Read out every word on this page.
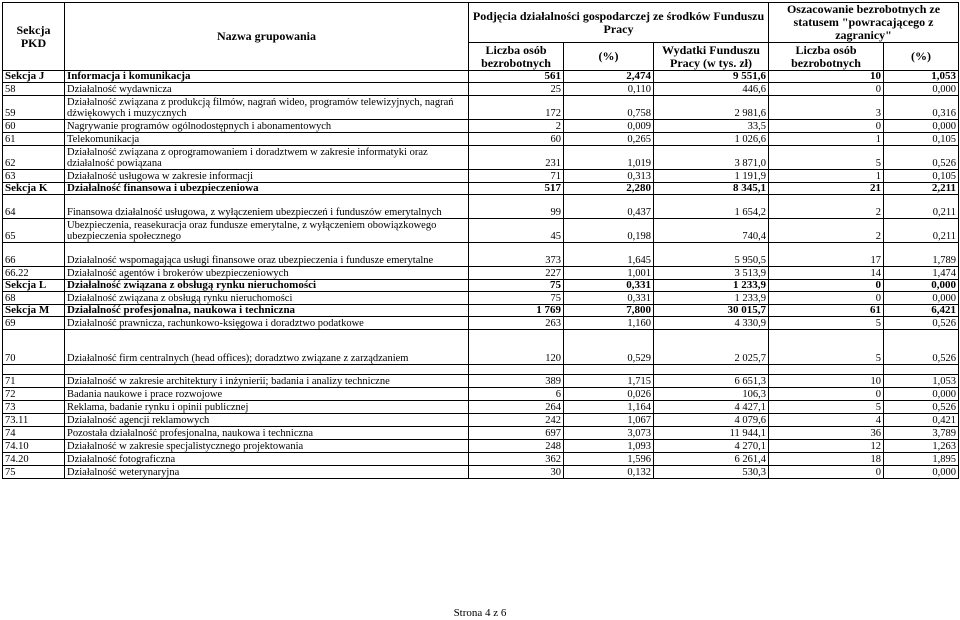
Sekcja PKD	Nazwa grupowania	Podjęcia działalności gospodarczej ze środków Funduszu Pracy			Oszacowanie bezrobotnych ze statusem "powracającego z zagranicy"	
		Liczba osób bezrobotnych	(%)	Wydatki Funduszu Pracy (w tys. zł)	Liczba osób bezrobotnych	(%)
Sekcja J	Informacja i komunikacja	561	2,474	9 551,6	10	1,053
58	Działalność wydawnicza	25	0,110	446,6	0	0,000
59	Działalność związana z produkcją filmów, nagrań wideo, programów telewizyjnych, nagrań dźwiękowych i muzycznych	172	0,758	2 981,6	3	0,316
60	Nagrywanie programów ogólnodostępnych i abonamentowych	2	0,009	33,5	0	0,000
61	Telekomunikacja	60	0,265	1 026,6	1	0,105
62	Działalność związana z oprogramowaniem i doradztwem w zakresie informatyki oraz działalność powiązana	231	1,019	3 871,0	5	0,526
63	Działalność usługowa w zakresie informacji	71	0,313	1 191,9	1	0,105
Sekcja K	Działalność finansowa i ubezpieczeniowa	517	2,280	8 345,1	21	2,211
64	Finansowa działalność usługowa, z wyłączeniem ubezpieczeń i funduszów emerytalnych	99	0,437	1 654,2	2	0,211
65	Ubezpieczenia, reasekuracja oraz fundusze emerytalne, z wyłączeniem obowiązkowego ubezpieczenia społecznego	45	0,198	740,4	2	0,211
66	Działalność wspomagająca usługi finansowe oraz ubezpieczenia i fundusze emerytalne	373	1,645	5 950,5	17	1,789
66.22	Działalność agentów i brokerów ubezpieczeniowych	227	1,001	3 513,9	14	1,474
Sekcja L	Działalność związana z obsługą rynku nieruchomości	75	0,331	1 233,9	0	0,000
68	Działalność związana z obsługą rynku nieruchomości	75	0,331	1 233,9	0	0,000
Sekcja M	Działalność profesjonalna, naukowa i techniczna	1 769	7,800	30 015,7	61	6,421
69	Działalność prawnicza, rachunkowo-księgowa i doradztwo podatkowe	263	1,160	4 330,9	5	0,526
70	Działalność firm centralnych (head offices); doradztwo związane z zarządzaniem	120	0,529	2 025,7	5	0,526

71	Działalność w zakresie architektury i inżynierii; badania i analizy techniczne	389	1,715	6 651,3	10	1,053
72	Badania naukowe i prace rozwojowe	6	0,026	106,3	0	0,000
73	Reklama, badanie rynku i opinii publicznej	264	1,164	4 427,1	5	0,526
73.11	Działalność agencji reklamowych	242	1,067	4 079,6	4	0,421
74	Pozostała działalność profesjonalna, naukowa i techniczna	697	3,073	11 944,1	36	3,789
74.10	Działalność w zakresie specjalistycznego projektowania	248	1,093	4 270,1	12	1,263
74.20	Działalność fotograficzna	362	1,596	6 261,4	18	1,895
75	Działalność weterynaryjna	30	0,132	530,3	0	0,000
Strona 4 z 6
